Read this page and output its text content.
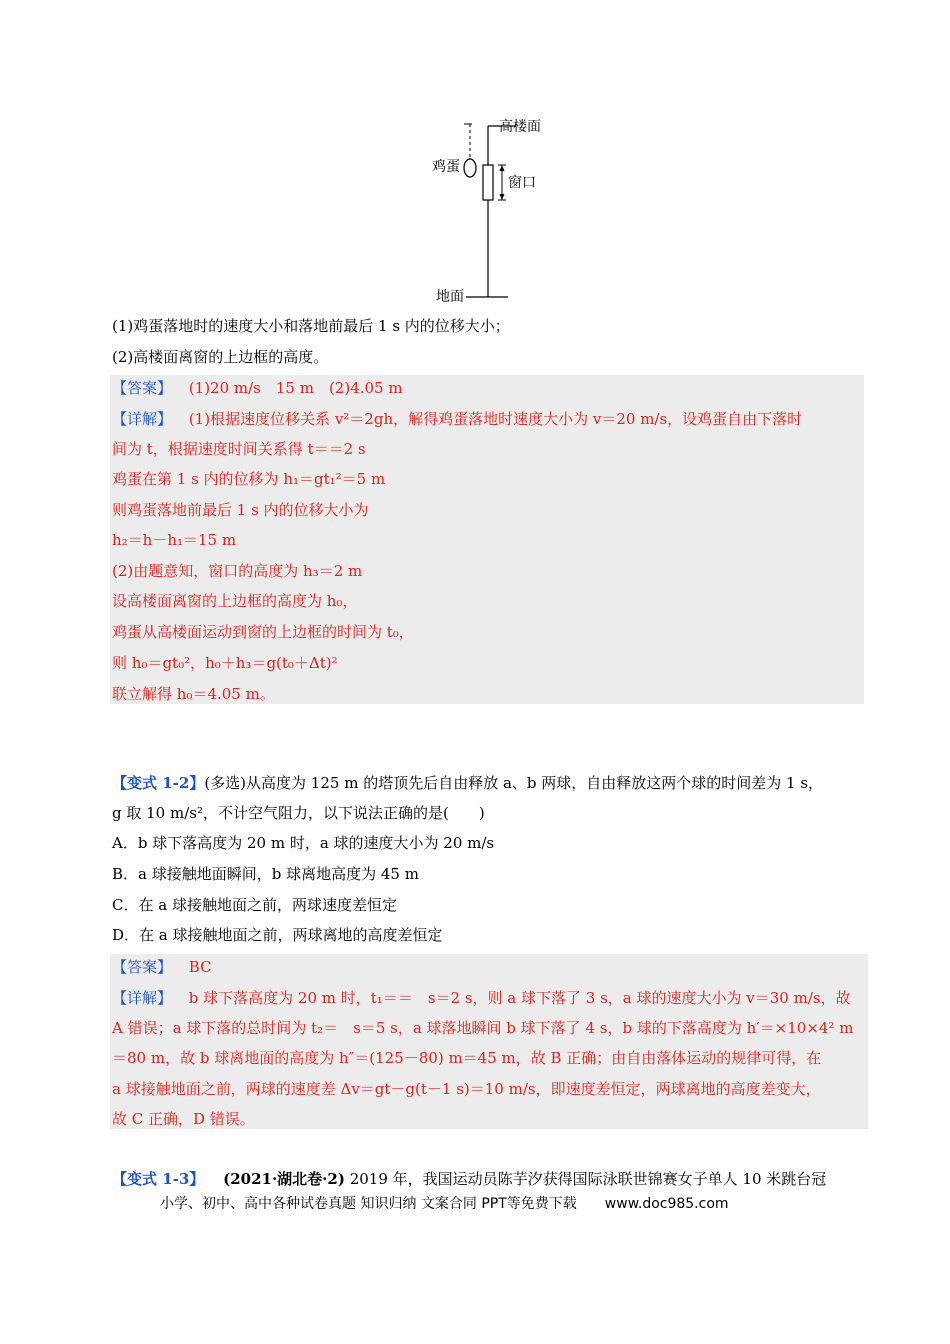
高楼面
鸡蛋
窗口
地面
(1)鸡蛋落地时的速度大小和落地前最后 1 s 内的位移大小；
(2)高楼面离窗的上边框的高度。
【答案】 (1)20 m/s　15 m　(2)4.05 m
【详解】 (1)根据速度位移关系 v²＝2gh，解得鸡蛋落地时速度大小为 v＝20 m/s，设鸡蛋自由下落时
间为 t，根据速度时间关系得 t＝＝2 s
鸡蛋在第 1 s 内的位移为 h₁＝gt₁²＝5 m
则鸡蛋落地前最后 1 s 内的位移大小为
h₂＝h－h₁＝15 m
(2)由题意知，窗口的高度为 h₃＝2 m
设高楼面离窗的上边框的高度为 h₀，
鸡蛋从高楼面运动到窗的上边框的时间为 t₀，
则 h₀＝gt₀²，h₀＋h₃＝g(t₀＋Δt)²
联立解得 h₀＝4.05 m。
【变式 1-2】(多选)从高度为 125 m 的塔顶先后自由释放 a、b 两球，自由释放这两个球的时间差为 1 s，
g 取 10 m/s²，不计空气阻力，以下说法正确的是(　　)
A．b 球下落高度为 20 m 时，a 球的速度大小为 20 m/s
B．a 球接触地面瞬间，b 球离地高度为 45 m
C．在 a 球接触地面之前，两球速度差恒定
D．在 a 球接触地面之前，两球离地的高度差恒定
【答案】 BC
【详解】 b 球下落高度为 20 m 时，t₁＝＝　s＝2 s，则 a 球下落了 3 s，a 球的速度大小为 v＝30 m/s，故
A 错误；a 球下落的总时间为 t₂＝　s＝5 s，a 球落地瞬间 b 球下落了 4 s，b 球的下落高度为 h′＝×10×4² m
＝80 m，故 b 球离地面的高度为 h″＝(125－80) m＝45 m，故 B 正确；由自由落体运动的规律可得，在
a 球接触地面之前，两球的速度差 Δv＝gt－g(t－1 s)＝10 m/s，即速度差恒定，两球离地的高度差变大，
故 C 正确，D 错误。
【变式 1-3】 (2021·湖北卷·2) 2019 年，我国运动员陈芋汐获得国际泳联世锦赛女子单人 10 米跳台冠
小学、初中、高中各种试卷真题 知识归纳 文案合同 PPT等免费下载 www.doc985.com
